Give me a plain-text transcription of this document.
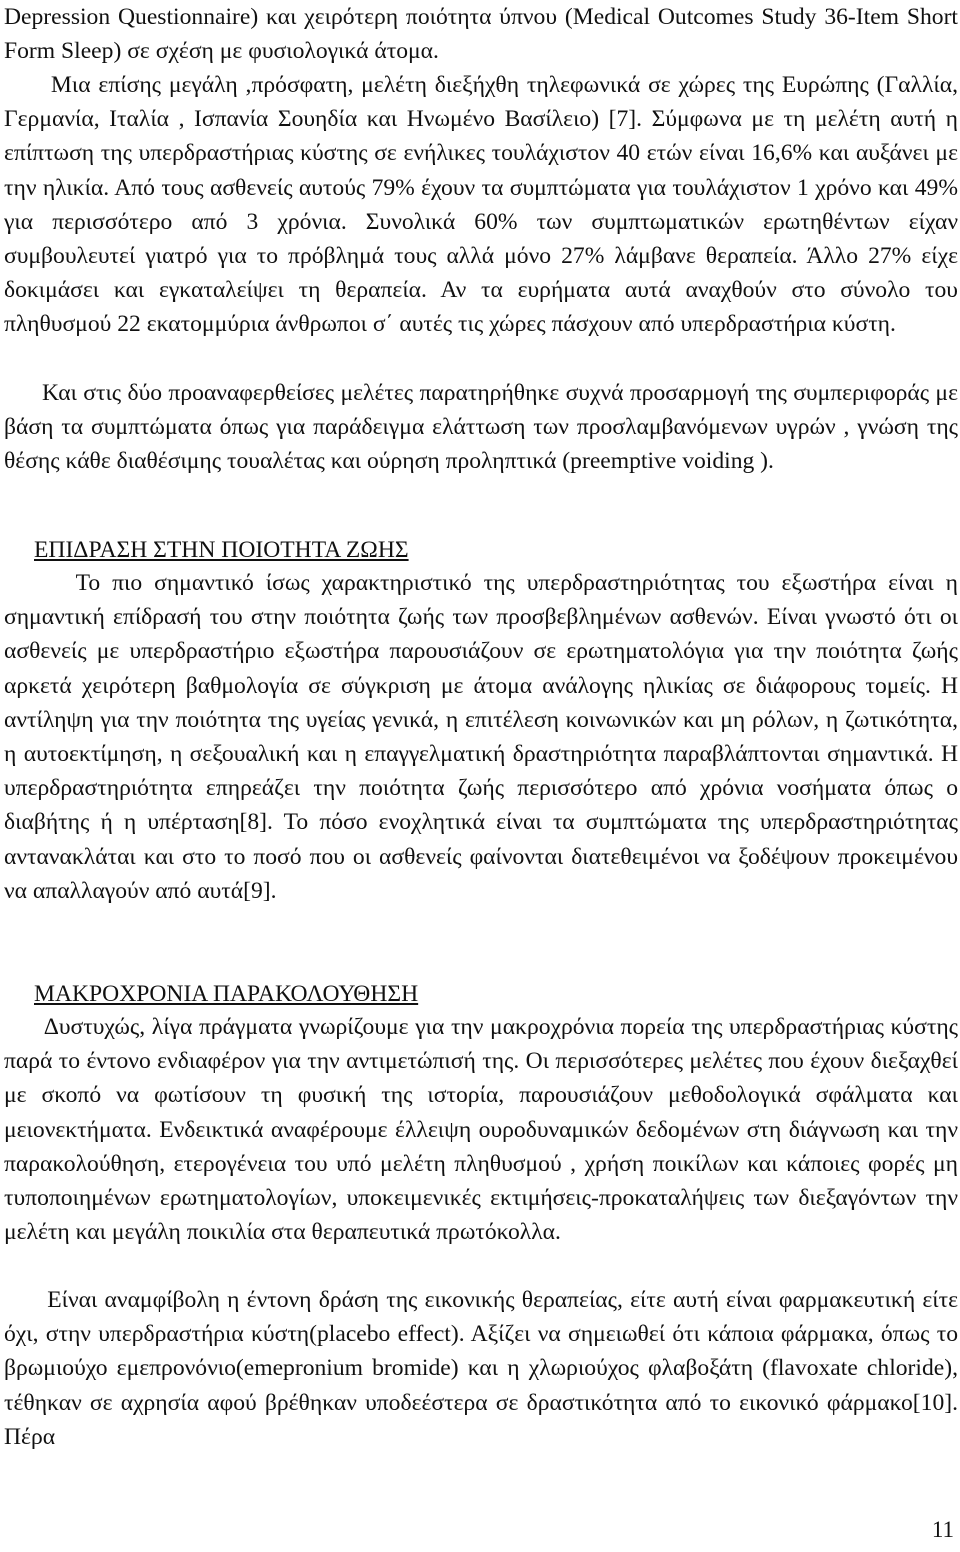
Depression Questionnaire) και χειρότερη ποιότητα ύπνου (Medical Outcomes Study 36-Item Short Form Sleep) σε σχέση με φυσιολογικά άτομα.

Μια επίσης μεγάλη ,πρόσφατη, μελέτη διεξήχθη τηλεφωνικά σε χώρες της Ευρώπης (Γαλλία, Γερμανία, Ιταλία , Ισπανία Σουηδία και Ηνωμένο Βασίλειο) [7]. Σύμφωνα με τη μελέτη αυτή η επίπτωση της υπερδραστήριας κύστης σε ενήλικες τουλάχιστον 40 ετών είναι 16,6% και αυξάνει με την ηλικία. Από τους ασθενείς αυτούς 79% έχουν τα συμπτώματα για τουλάχιστον 1 χρόνο και 49% για περισσότερο από 3 χρόνια. Συνολικά 60% των συμπτωματικών ερωτηθέντων είχαν συμβουλευτεί γιατρό για το πρόβλημά τους αλλά μόνο 27% λάμβανε θεραπεία. Άλλο 27% είχε δοκιμάσει και εγκαταλείψει τη θεραπεία. Αν τα ευρήματα αυτά αναχθούν στο σύνολο του πληθυσμού 22 εκατομμύρια άνθρωποι σ΄ αυτές τις χώρες πάσχουν από υπερδραστήρια κύστη.

Και στις δύο προαναφερθείσες μελέτες παρατηρήθηκε συχνά προσαρμογή της συμπεριφοράς με βάση τα συμπτώματα όπως για παράδειγμα ελάττωση των προσλαμβανόμενων υγρών , γνώση της θέσης κάθε διαθέσιμης τουαλέτας και ούρηση προληπτικά (preemptive voiding ).

ΕΠΙΔΡΑΣΗ ΣΤΗΝ ΠΟΙΟΤΗΤΑ ΖΩΗΣ

Το πιο σημαντικό ίσως χαρακτηριστικό της υπερδραστηριότητας του εξωστήρα είναι η σημαντική επίδρασή του στην ποιότητα ζωής των προσβεβλημένων ασθενών. Είναι γνωστό ότι οι ασθενείς με υπερδραστήριο εξωστήρα παρουσιάζουν σε ερωτηματολόγια για την ποιότητα ζωής αρκετά χειρότερη βαθμολογία σε σύγκριση με άτομα ανάλογης ηλικίας σε διάφορους τομείς. Η αντίληψη για την ποιότητα της υγείας γενικά, η επιτέλεση κοινωνικών και μη ρόλων, η ζωτικότητα, η αυτοεκτίμηση, η σεξουαλική και η επαγγελματική δραστηριότητα παραβλάπτονται σημαντικά. Η υπερδραστηριότητα επηρεάζει την ποιότητα ζωής περισσότερο από χρόνια νοσήματα όπως ο διαβήτης ή η υπέρταση[8]. Το πόσο ενοχλητικά είναι τα συμπτώματα της υπερδραστηριότητας αντανακλάται και στο το ποσό που οι ασθενείς φαίνονται διατεθειμένοι να ξοδέψουν προκειμένου να απαλλαγούν από αυτά[9].

ΜΑΚΡΟΧΡΟΝΙΑ ΠΑΡΑΚΟΛΟΥΘΗΣΗ

Δυστυχώς, λίγα πράγματα γνωρίζουμε για την μακροχρόνια πορεία της υπερδραστήριας κύστης παρά το έντονο ενδιαφέρον για την αντιμετώπισή της. Οι περισσότερες μελέτες που έχουν διεξαχθεί με σκοπό να φωτίσουν τη φυσική της ιστορία, παρουσιάζουν μεθοδολογικά σφάλματα και μειονεκτήματα. Ενδεικτικά αναφέρουμε έλλειψη ουροδυναμικών δεδομένων στη διάγνωση και την παρακολούθηση, ετερογένεια του υπό μελέτη πληθυσμού , χρήση ποικίλων και κάποιες φορές μη τυποποιημένων ερωτηματολογίων, υποκειμενικές εκτιμήσεις-προκαταλήψεις των διεξαγόντων την μελέτη και μεγάλη ποικιλία στα θεραπευτικά πρωτόκολλα.

Είναι αναμφίβολη η έντονη δράση της εικονικής θεραπείας, είτε αυτή είναι φαρμακευτική είτε όχι, στην υπερδραστήρια κύστη(placebo effect). Αξίζει να σημειωθεί ότι κάποια φάρμακα, όπως το βρωμιούχο εμεπρονόνιο(emepronium bromide) και η χλωριούχος φλαβοξάτη (flavoxate chloride), τέθηκαν σε αχρησία αφού βρέθηκαν υποδεέστερα σε δραστικότητα από το εικονικό φάρμακο[10]. Πέρα

11
